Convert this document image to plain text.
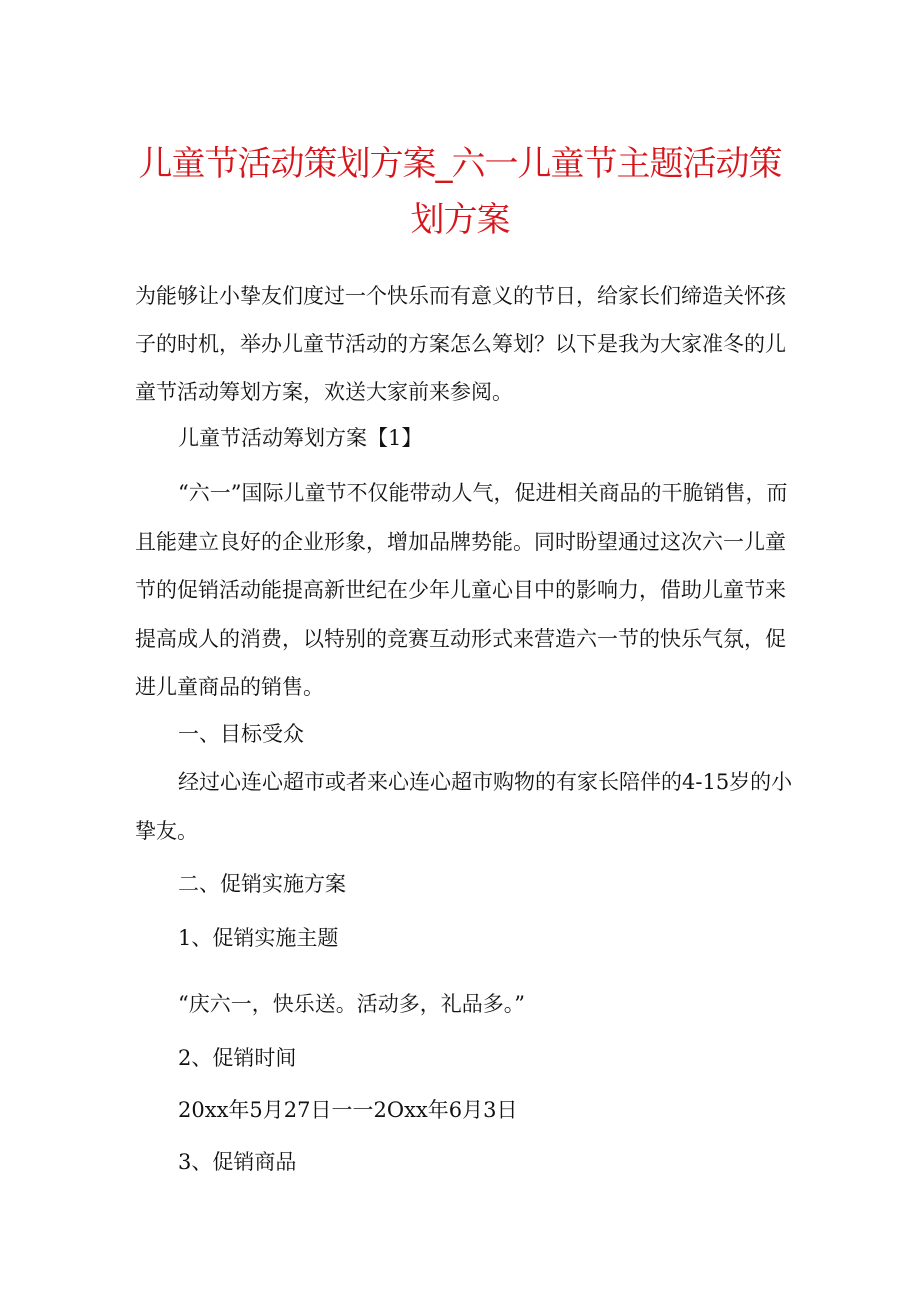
儿童节活动策划方案_六一儿童节主题活动策
划方案

为能够让小挚友们度过一个快乐而有意义的节日，给家长们缔造关怀孩子的时机，举办儿童节活动的方案怎么筹划？以下是我为大家准冬的儿童节活动筹划方案，欢送大家前来参阅。

儿童节活动筹划方案【1】

“六一”国际儿童节不仅能带动人气，促进相关商品的干脆销售，而且能建立良好的企业形象，增加品牌势能。同时盼望通过这次六一儿童节的促销活动能提高新世纪在少年儿童心目中的影响力，借助儿童节来提高成人的消费，以特别的竞赛互动形式来营造六一节的快乐气氛，促进儿童商品的销售。

一、目标受众

经过心连心超市或者来心连心超市购物的有家长陪伴的4-15岁的小挚友。

二、促销实施方案

1、促销实施主题

“庆六一，快乐送。活动多，礼品多。”

2、促销时间

20xx年5月27日一一2Oxx年6月3日

3、促销商品
